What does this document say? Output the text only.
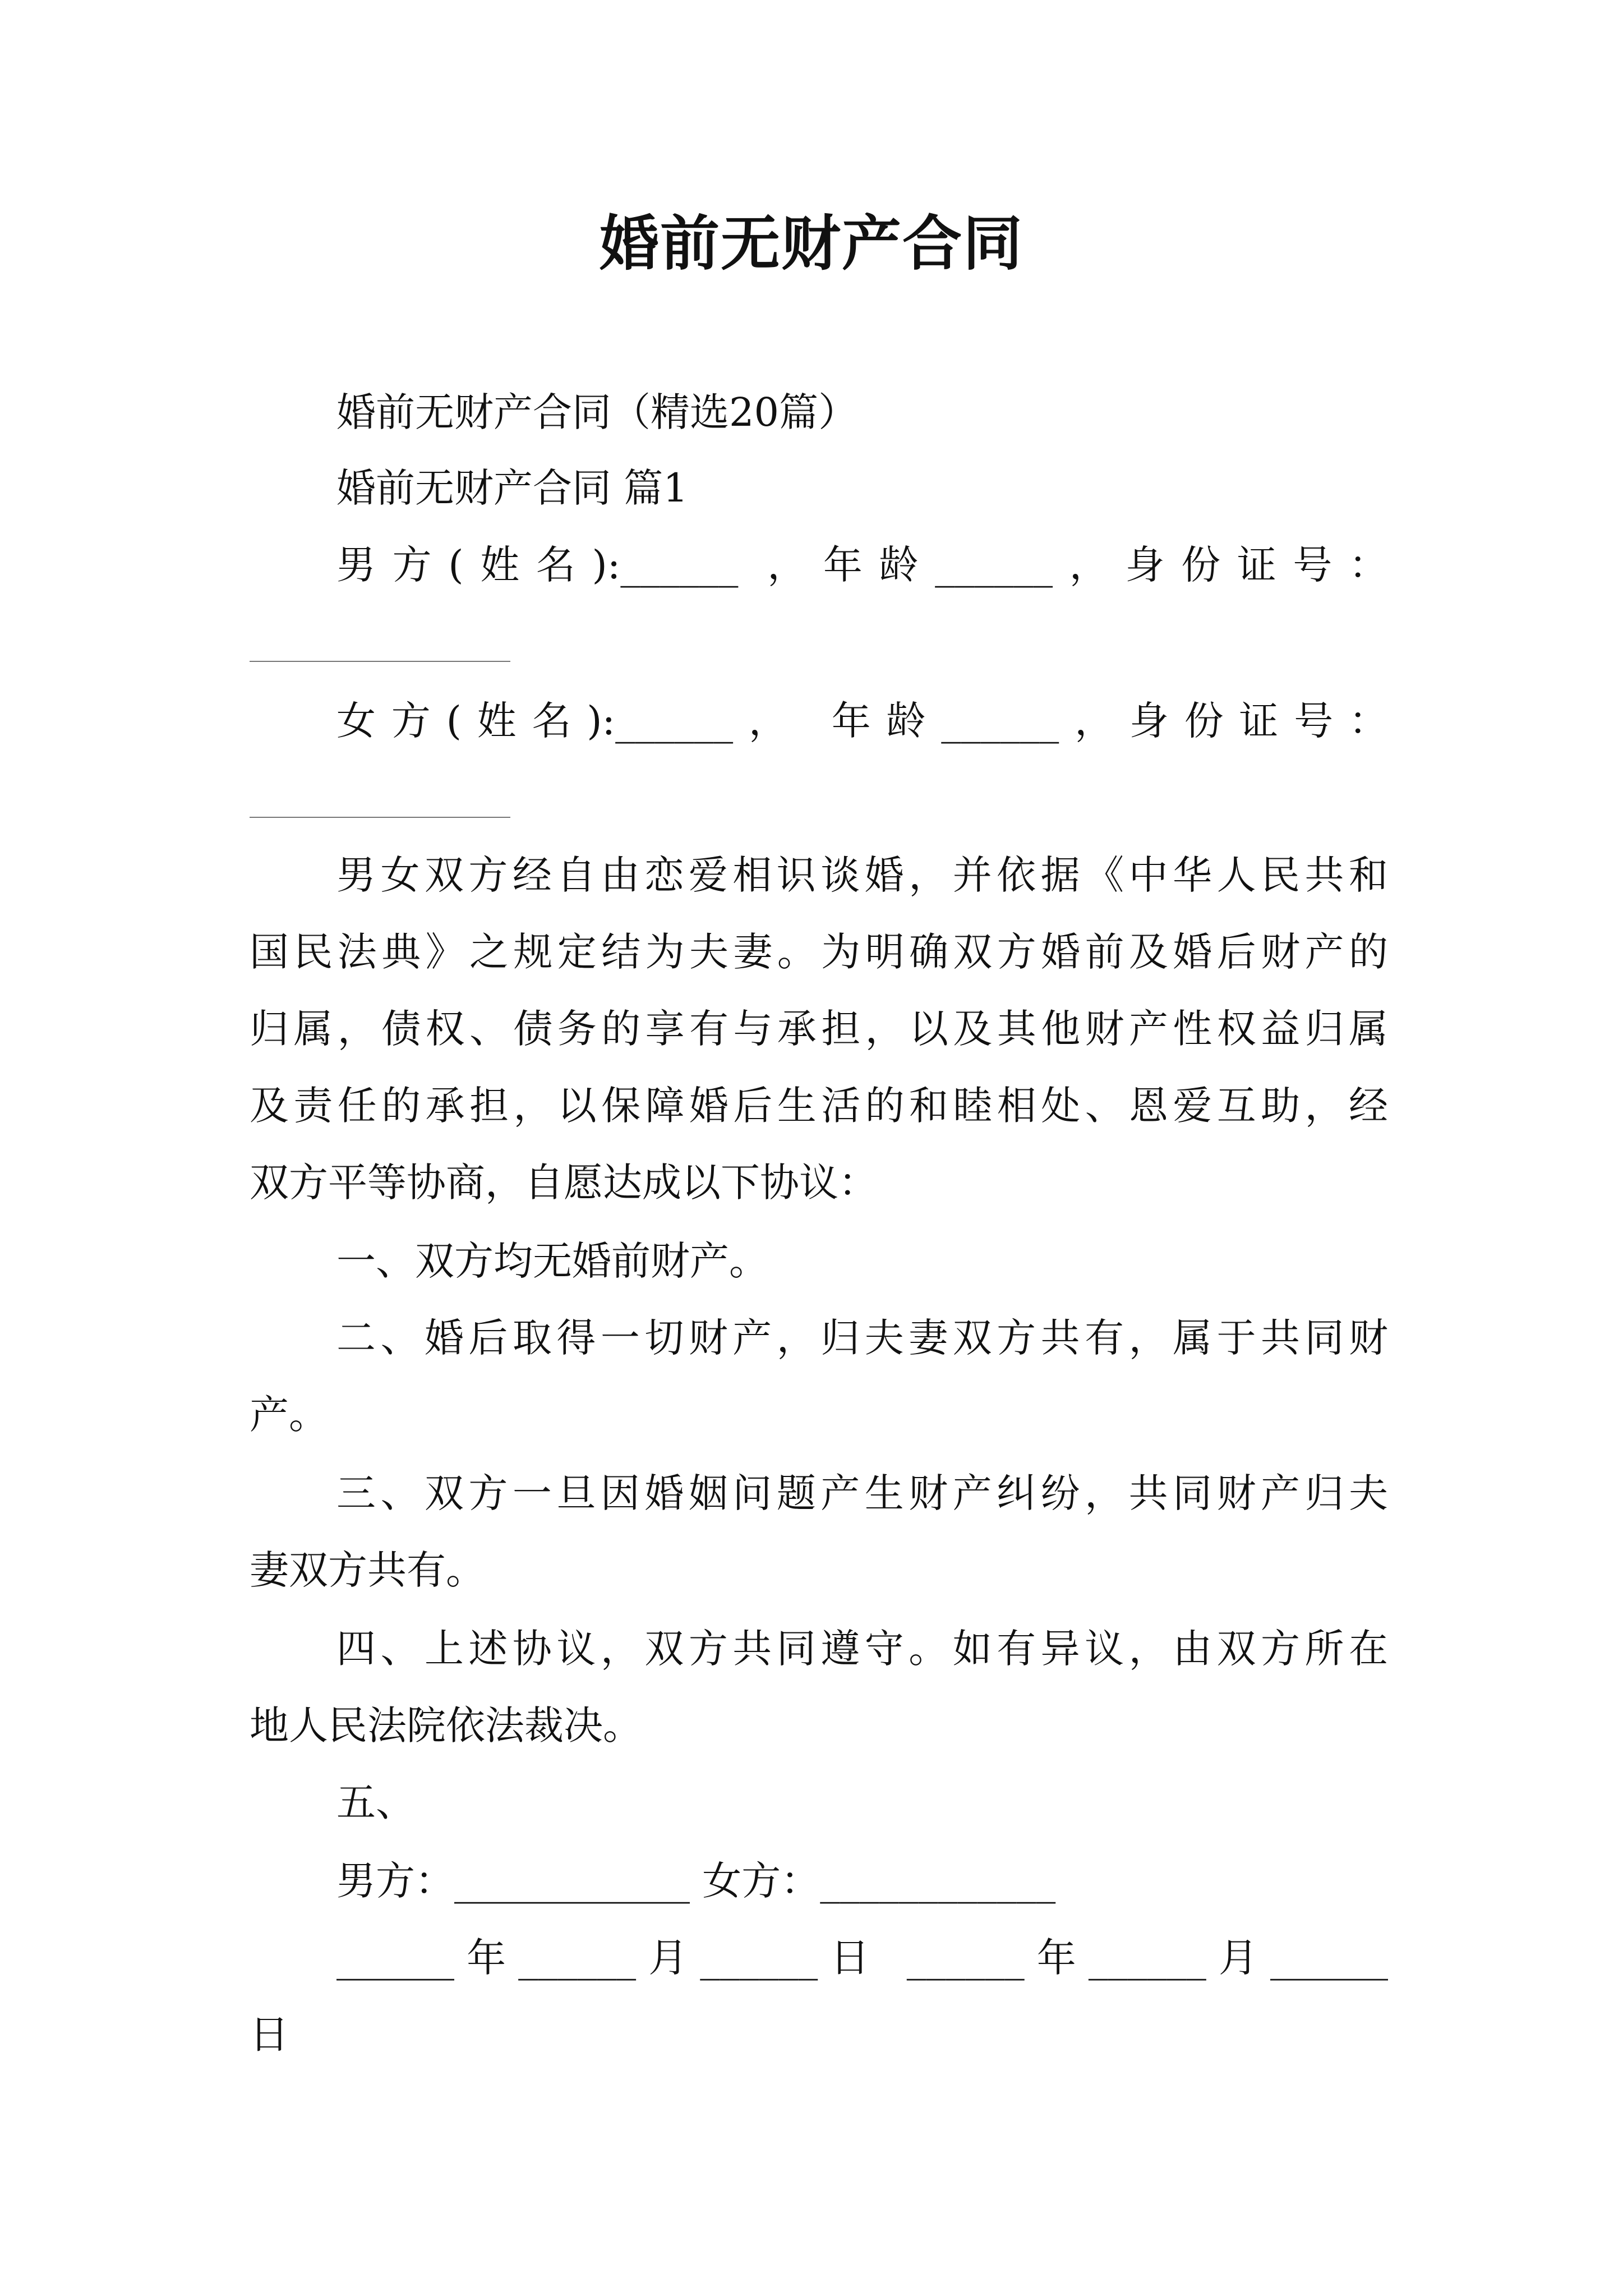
婚前无财产合同
婚前无财产合同（精选20篇）
婚前无财产合同 篇1
男方(姓名):______ ，年龄______，身份证号：
女方(姓名):______， 年龄______，身份证号：
男女双方经自由恋爱相识谈婚，并依据《中华人民共和
国民法典》之规定结为夫妻。为明确双方婚前及婚后财产的
归属，债权、债务的享有与承担，以及其他财产性权益归属
及责任的承担，以保障婚后生活的和睦相处、恩爱互助，经
双方平等协商，自愿达成以下协议：
一、双方均无婚前财产。
二、婚后取得一切财产，归夫妻双方共有，属于共同财
产。
三、双方一旦因婚姻问题产生财产纠纷，共同财产归夫
妻双方共有。
四、上述协议，双方共同遵守。如有异议，由双方所在
地人民法院依法裁决。
五、
男方：____________ 女方：____________
______年______月______日 ______年______月______
日
